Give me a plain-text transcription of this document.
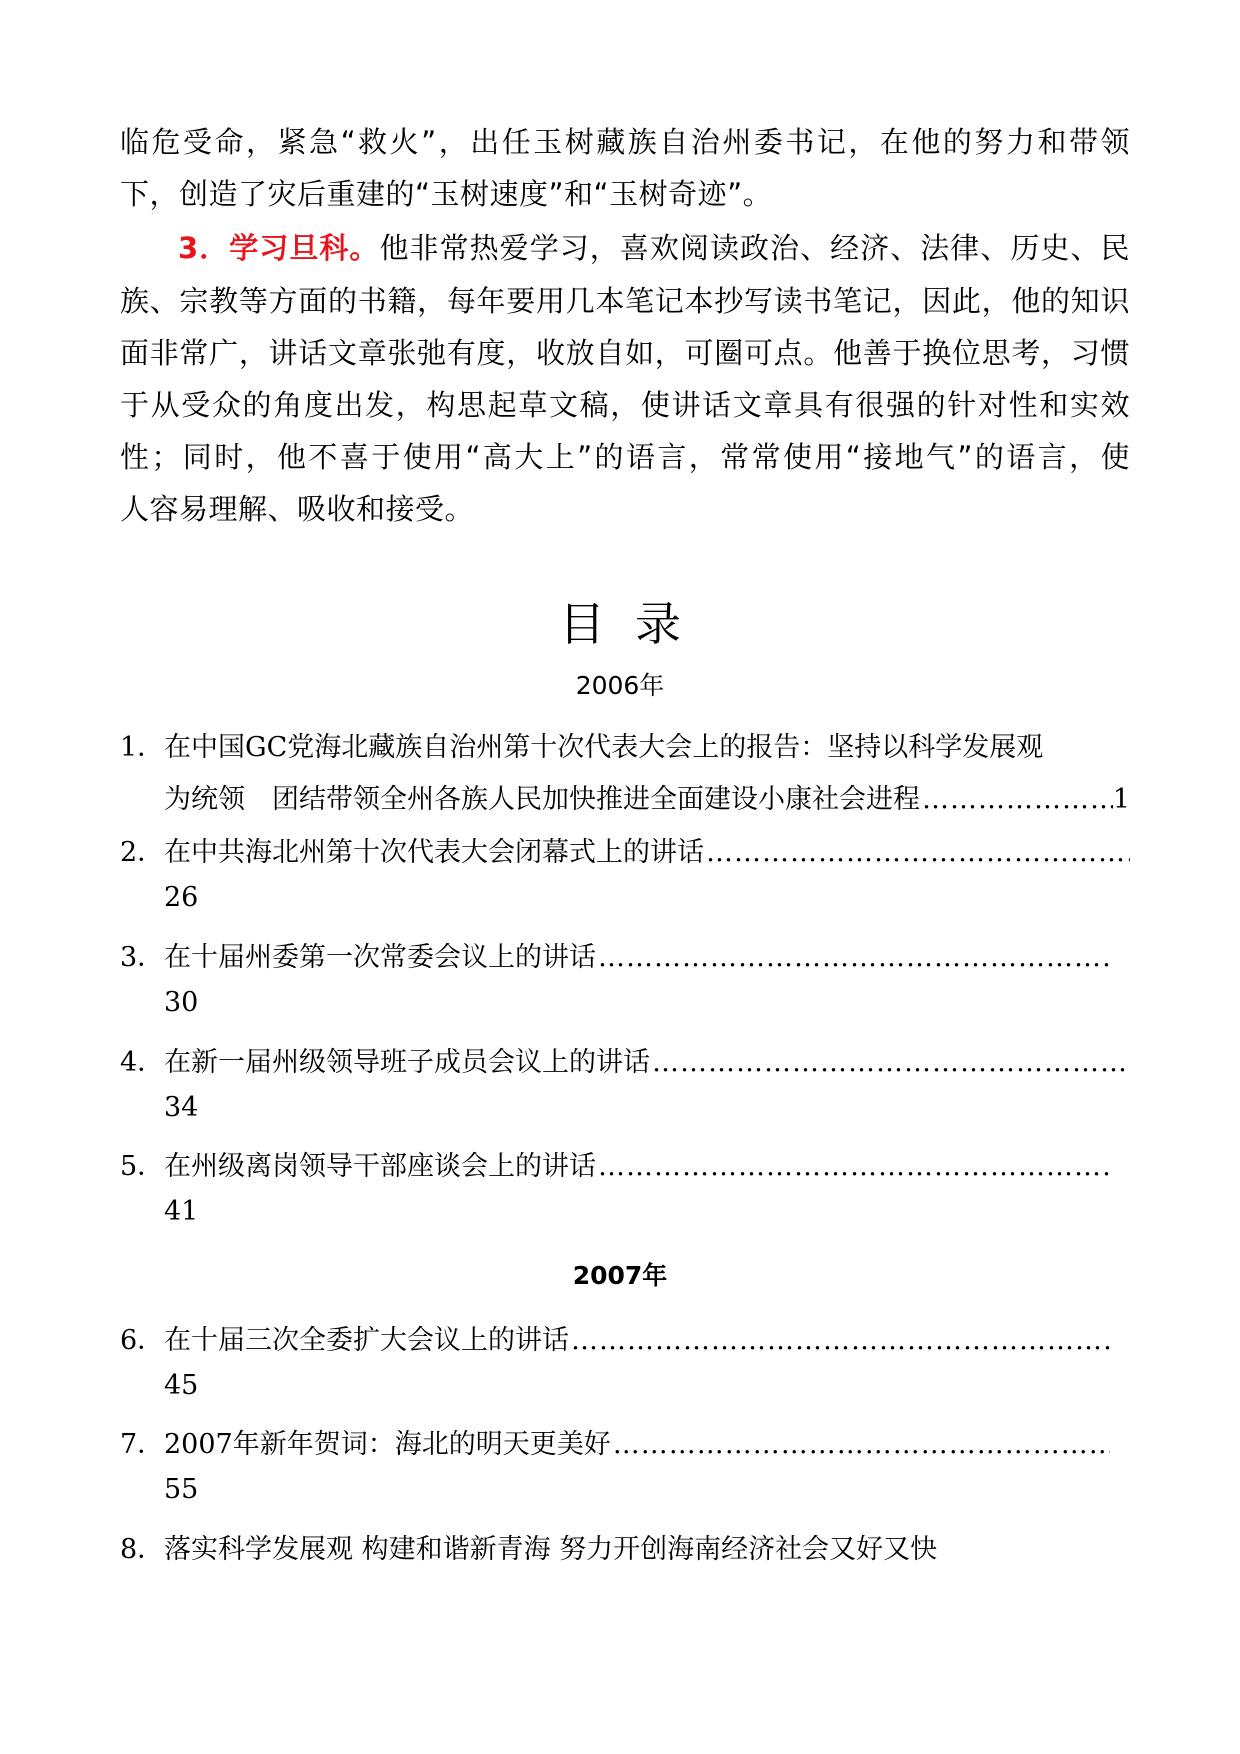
临危受命，紧急“救火”，出任玉树藏族自治州委书记，在他的努力和带领
下，创造了灾后重建的“玉树速度”和“玉树奇迹”。
3．学习旦科。他非常热爱学习，喜欢阅读政治、经济、法律、历史、民
族、宗教等方面的书籍，每年要用几本笔记本抄写读书笔记，因此，他的知识
面非常广，讲话文章张弛有度，收放自如，可圈可点。他善于换位思考，习惯
于从受众的角度出发，构思起草文稿，使讲话文章具有很强的针对性和实效
性；同时，他不喜于使用“高大上”的语言，常常使用“接地气”的语言，使
人容易理解、吸收和接受。
目录
2006年
1． 在中国GC党海北藏族自治州第十次代表大会上的报告：坚持以科学发展观
为统领　团结带领全州各族人民加快推进全面建设小康社会进程
…………………………………………………………………………………………………………………………	1
2． 在中共海北州第十次代表大会闭幕式上的讲话
…………………………………………………………………………………………………………………………
26
3． 在十届州委第一次常委会议上的讲话
…………………………………………………………………………………………………………………………
30
4． 在新一届州级领导班子成员会议上的讲话
…………………………………………………………………………………………………………………………
34
5． 在州级离岗领导干部座谈会上的讲话
…………………………………………………………………………………………………………………………
41
2007年
6． 在十届三次全委扩大会议上的讲话
…………………………………………………………………………………………………………………………
45
7． 2007年新年贺词：海北的明天更美好
…………………………………………………………………………………………………………………………
55
8． 落实科学发展观 构建和谐新青海 努力开创海南经济社会又好又快
